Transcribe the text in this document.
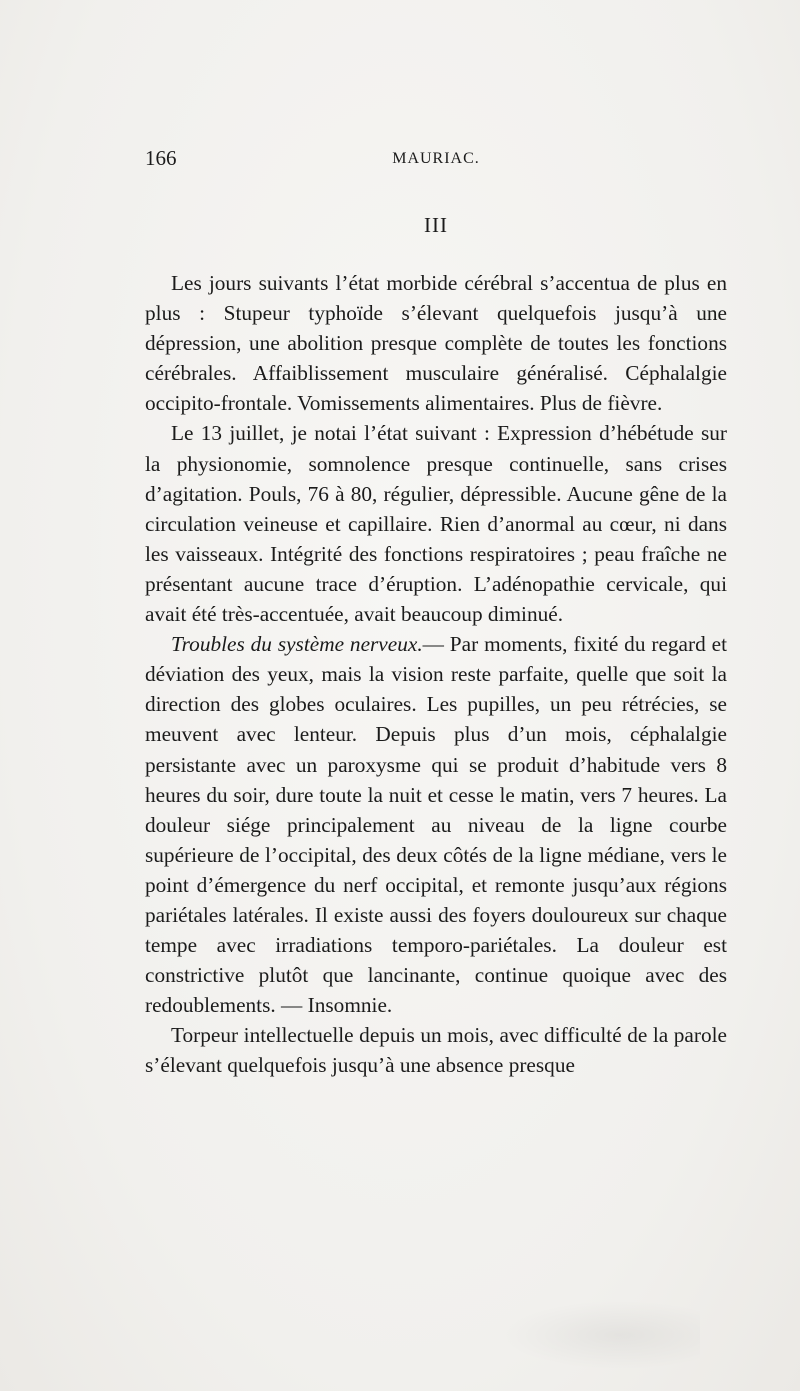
166	MAURIAC.
III

Les jours suivants l’état morbide cérébral s’accentua de plus en plus : Stupeur typhoïde s’élevant quelquefois jusqu’à une dépression, une abolition presque complète de toutes les fonctions cérébrales. Affaiblissement musculaire généralisé. Céphalalgie occipito-frontale. Vomissements alimentaires. Plus de fièvre.

Le 13 juillet, je notai l’état suivant : Expression d’hébétude sur la physionomie, somnolence presque continuelle, sans crises d’agitation. Pouls, 76 à 80, régulier, dépressible. Aucune gêne de la circulation veineuse et capillaire. Rien d’anormal au cœur, ni dans les vaisseaux. Intégrité des fonctions respiratoires ; peau fraîche ne présentant aucune trace d’éruption. L’adénopathie cervicale, qui avait été très-accentuée, avait beaucoup diminué.

Troubles du système nerveux.— Par moments, fixité du regard et déviation des yeux, mais la vision reste parfaite, quelle que soit la direction des globes oculaires. Les pupilles, un peu rétrécies, se meuvent avec lenteur. Depuis plus d’un mois, céphalalgie persistante avec un paroxysme qui se produit d’habitude vers 8 heures du soir, dure toute la nuit et cesse le matin, vers 7 heures. La douleur siége principalement au niveau de la ligne courbe supérieure de l’occipital, des deux côtés de la ligne médiane, vers le point d’émergence du nerf occipital, et remonte jusqu’aux régions pariétales latérales. Il existe aussi des foyers douloureux sur chaque tempe avec irradiations temporo-pariétales. La douleur est constrictive plutôt que lancinante, continue quoique avec des redoublements. — Insomnie.

Torpeur intellectuelle depuis un mois, avec difficulté de la parole s’élevant quelquefois jusqu’à une absence presque
